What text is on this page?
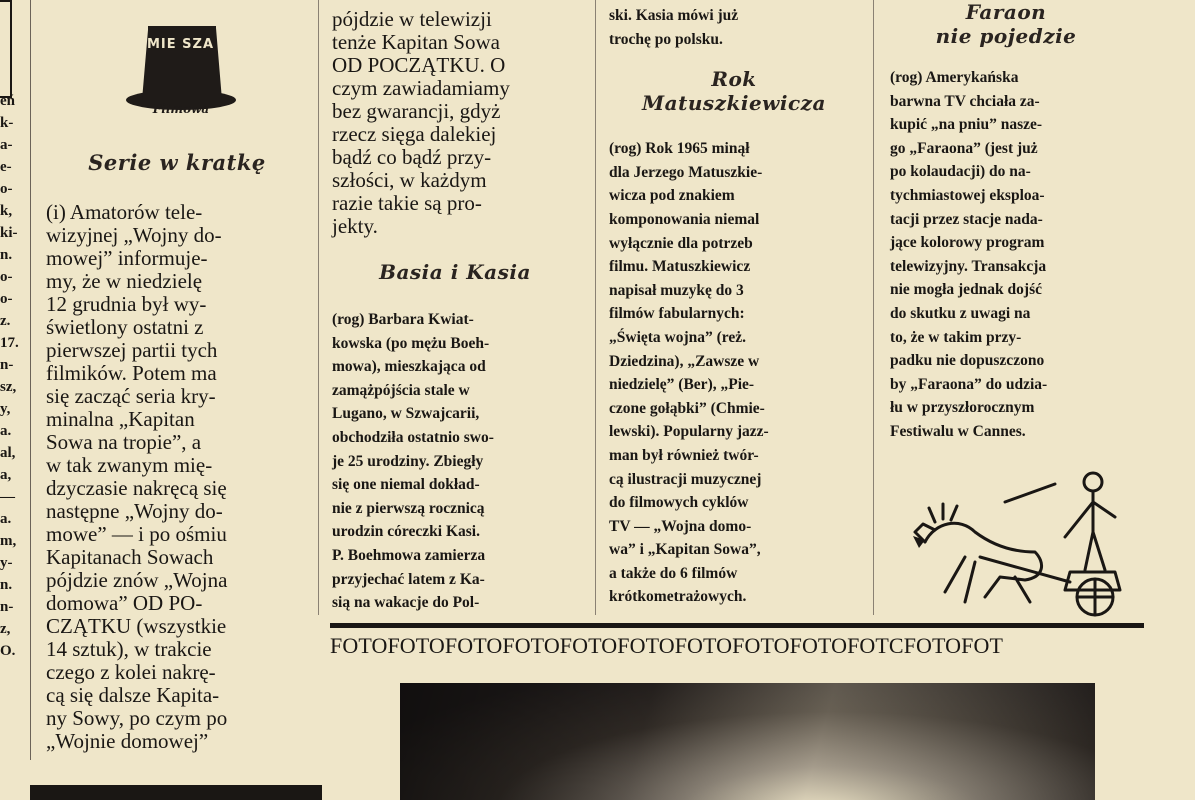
eń
k-
a-
e-
o-
k,
ki-
n.
o-
o-
z.
17.
n-
sz,
y,
a.
al,
a,
—
a.
m,
y-
n.
n-
z,
O.
MIE SZA NA
Filmowa
Serie w kratkę
(i) Amatorów tele-
wizyjnej „Wojny do-
mowej” informuje-
my, że w niedzielę
12 grudnia był wy-
świetlony ostatni z
pierwszej partii tych
filmików. Potem ma
się zacząć seria kry-
minalna „Kapitan
Sowa na tropie”, a
w tak zwanym mię-
dzyczasie nakręcą się
następne „Wojny do-
mowe” — i po ośmiu
Kapitanach Sowach
pójdzie znów „Wojna
domowa” OD PO-
CZĄTKU (wszystkie
14 sztuk), w trakcie
czego z kolei nakrę-
cą się dalsze Kapita-
ny Sowy, po czym po
„Wojnie domowej”
pójdzie w telewizji
tenże Kapitan Sowa
OD POCZĄTKU. O
czym zawiadamiamy
bez gwarancji, gdyż
rzecz sięga dalekiej
bądź co bądź przy-
szłości, w każdym
razie takie są pro-
jekty.
Basia i Kasia
(rog) Barbara Kwiat-
kowska (po mężu Boeh-
mowa), mieszkająca od
zamążpójścia stale w
Lugano, w Szwajcarii,
obchodziła ostatnio swo-
je 25 urodziny. Zbiegły
się one niemal dokład-
nie z pierwszą rocznicą
urodzin córeczki Kasi.
P. Boehmowa zamierza
przyjechać latem z Ka-
sią na wakacje do Pol-
ski. Kasia mówi już
trochę po polsku.
Rok
Matuszkiewicza
(rog) Rok 1965 minął
dla Jerzego Matuszkie-
wicza pod znakiem
komponowania niemal
wyłącznie dla potrzeb
filmu. Matuszkiewicz
napisał muzykę do 3
filmów fabularnych:
„Święta wojna” (reż.
Dziedzina), „Zawsze w
niedzielę” (Ber), „Pie-
czone gołąbki” (Chmie-
lewski). Popularny jazz-
man był również twór-
cą ilustracji muzycznej
do filmowych cyklów
TV — „Wojna domo-
wa” i „Kapitan Sowa”,
a także do 6 filmów
krótkometrażowych.
Faraon
nie pojedzie
(rog) Amerykańska
barwna TV chciała za-
kupić „na pniu” nasze-
go „Faraona” (jest już
po kolaudacji) do na-
tychmiastowej eksploa-
tacji przez stacje nada-
jące kolorowy program
telewizyjny. Transakcja
nie mogła jednak dojść
do skutku z uwagi na
to, że w takim przy-
padku nie dopuszczono
by „Faraona” do udzia-
łu w przyszłorocznym
Festiwalu w Cannes.
FOTOFOTOFOTOFOTOFOTOFOTOFOTOFOTOFOTOFOTCFOTOFOT
